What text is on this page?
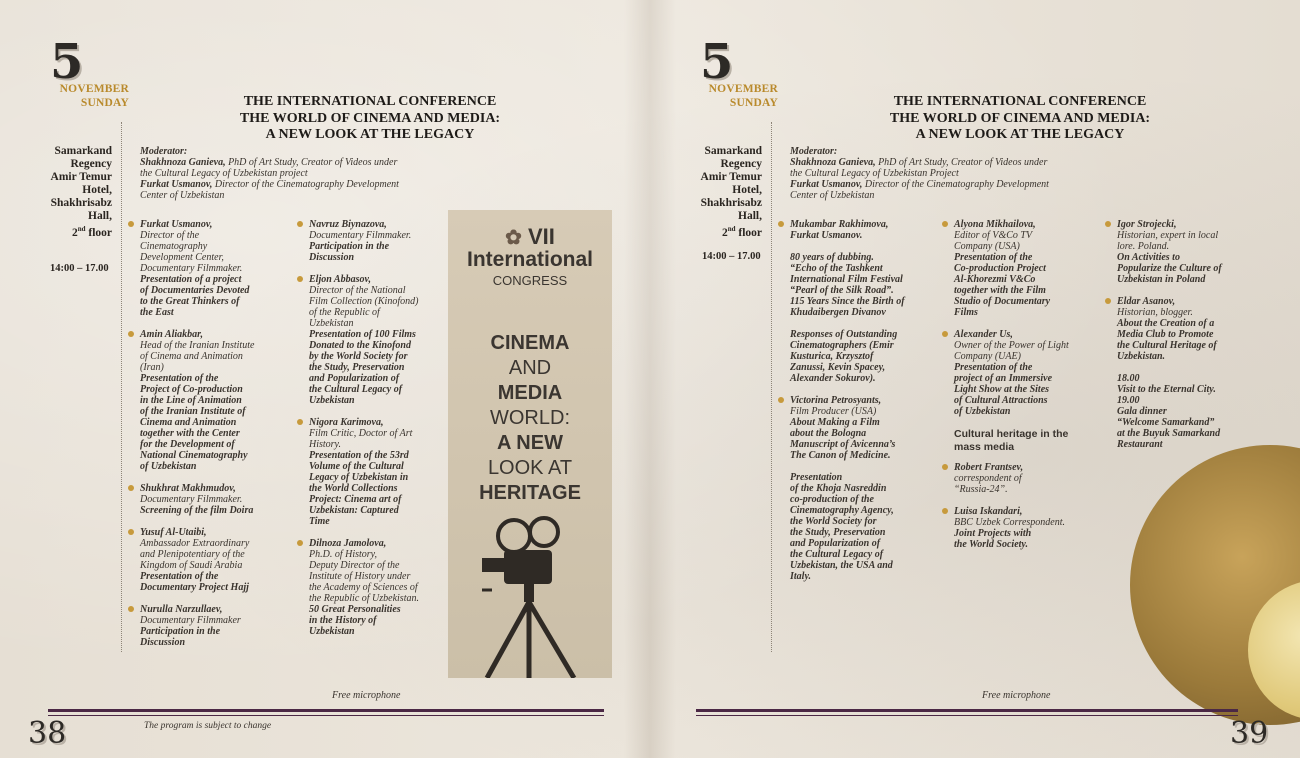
5
NOVEMBER
SUNDAY	THE INTERNATIONAL CONFERENCE
THE WORLD OF CINEMA AND MEDIA:
A NEW LOOK AT THE LEGACY
Samarkand
Regency
Amir Temur
Hotel,
Shakhrisabz
Hall,
2nd floor
14:00 – 17.00
Moderator:
Shakhnoza Ganieva, PhD of Art Study, Creator of Videos under
the Cultural Legacy of Uzbekistan project
Furkat Usmanov, Director of the Cinematography Development
Center of Uzbekistan
Furkat Usmanov,
Director of the
Cinematography
Development Center,
Documentary Filmmaker.
Presentation of a project
of Documentaries Devoted
to the Great Thinkers of
the East
Amin Aliakbar,
Head of the Iranian Institute
of Cinema and Animation
(Iran)
Presentation of the
Project of Co-production
in the Line of Animation
of the Iranian Institute of
Cinema and Animation
together with the Center
for the Development of
National Cinematography
of Uzbekistan
Shukhrat Makhmudov,
Documentary Filmmaker.
Screening of the film Doira
Yusuf Al-Utaibi,
Ambassador Extraordinary
and Plenipotentiary of the
Kingdom of Saudi Arabia
Presentation of the
Documentary Project Hajj
Nurulla Narzullaev,
Documentary Filmmaker
Participation in the
Discussion
Navruz Biynazova,
Documentary Filmmaker.
Participation in the
Discussion
Eljon Abbasov,
Director of the National
Film Collection (Kinofond)
of the Republic of
Uzbekistan
Presentation of 100 Films
Donated to the Kinofond
by the World Society for
the Study, Preservation
and Popularization of
the Cultural Legacy of
Uzbekistan
Nigora Karimova,
Film Critic, Doctor of Art
History.
Presentation of the 53rd
Volume of the Cultural
Legacy of Uzbekistan in
the World Collections
Project: Cinema art of
Uzbekistan: Captured
Time
Dilnoza Jamolova,
Ph.D. of History,
Deputy Director of the
Institute of History under
the Academy of Sciences of
the Republic of Uzbekistan.
50 Great Personalities
in the History of
Uzbekistan
✿ VII
International
CONGRESS
CINEMA
AND
MEDIA
WORLD:
A NEW
LOOK AT
HERITAGE
Free microphone
38	The program is subject to change
5
NOVEMBER
SUNDAY	THE INTERNATIONAL CONFERENCE
THE WORLD OF CINEMA AND MEDIA:
A NEW LOOK AT THE LEGACY
Samarkand
Regency
Amir Temur
Hotel,
Shakhrisabz
Hall,
2nd floor
14:00 – 17.00
Moderator:
Shakhnoza Ganieva, PhD of Art Study, Creator of Videos under
the Cultural Legacy of Uzbekistan Project
Furkat Usmanov, Director of the Cinematography Development
Center of Uzbekistan
Mukambar Rakhimova,
Furkat Usmanov.
80 years of dubbing.
“Echo of the Tashkent
International Film Festival
“Pearl of the Silk Road”.
115 Years Since the Birth of
Khudaibergen Divanov
Responses of Outstanding
Cinematographers (Emir
Kusturica, Krzysztof
Zanussi, Kevin Spacey,
Alexander Sokurov).
Victorina Petrosyants,
Film Producer (USA)
About Making a Film
about the Bologna
Manuscript of Avicenna’s
The Canon of Medicine.
Presentation
of the Khoja Nasreddin
co-production of the
Cinematography Agency,
the World Society for
the Study, Preservation
and Popularization of
the Cultural Legacy of
Uzbekistan, the USA and
Italy.
Alyona Mikhailova,
Editor of V&Co TV
Company (USA)
Presentation of the
Co-production Project
Al-Khorezmi V&Co
together with the Film
Studio of Documentary
Films
Alexander Us,
Owner of the Power of Light
Company (UAE)
Presentation of the
project of an Immersive
Light Show at the Sites
of Cultural Attractions
of Uzbekistan
Cultural heritage in the
mass media
Robert Frantsev,
correspondent of
“Russia-24”.
Luisa Iskandari,
BBC Uzbek Correspondent.
Joint Projects with
the World Society.
Igor Strojecki,
Historian, expert in local
lore. Poland.
On Activities to
Popularize the Culture of
Uzbekistan in Poland
Eldar Asanov,
Historian, blogger.
About the Creation of a
Media Club to Promote
the Cultural Heritage of
Uzbekistan.
18.00
Visit to the Eternal City.
19.00
Gala dinner
“Welcome Samarkand”
at the Buyuk Samarkand
Restaurant
Free microphone
39
